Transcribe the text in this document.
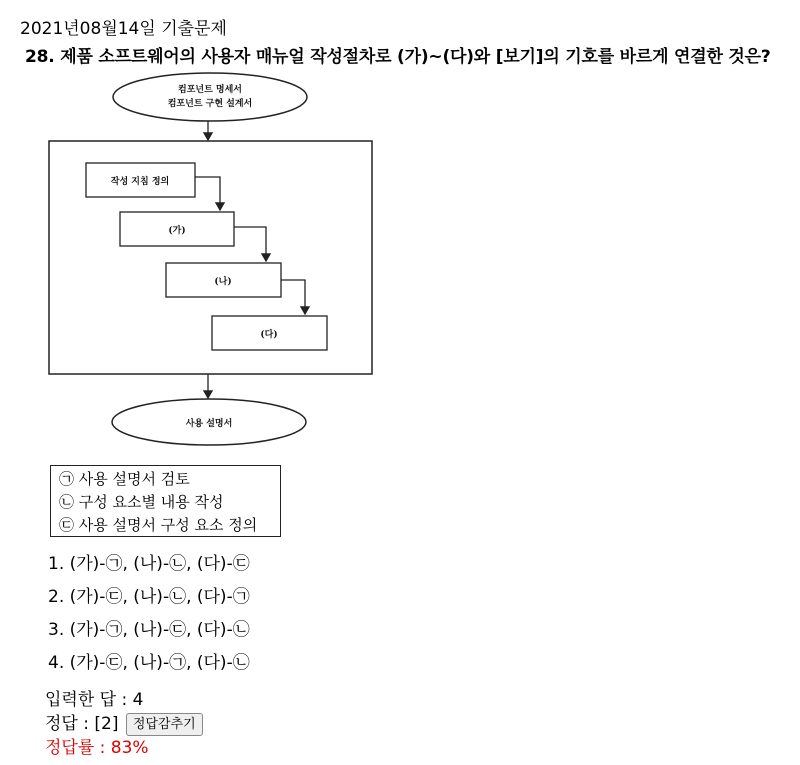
2021년08월14일 기출문제
28. 제품 소프트웨어의 사용자 매뉴얼 작성절차로 (가)~(다)와 [보기]의 기호를 바르게 연결한 것은?
컴포넌트 명세서
컴포넌트 구현 설계서
작성 지침 정의
(가)
(나)
(다)
사용 설명서
㉠ 사용 설명서 검토
㉡ 구성 요소별 내용 작성
㉢ 사용 설명서 구성 요소 정의
1. (가)-㉠, (나)-㉡, (다)-㉢
2. (가)-㉢, (나)-㉡, (다)-㉠
3. (가)-㉠, (나)-㉢, (다)-㉡
4. (가)-㉢, (나)-㉠, (다)-㉡
입력한 답 : 4
정답 : [2] 정답감추기
정답률 : 83%
